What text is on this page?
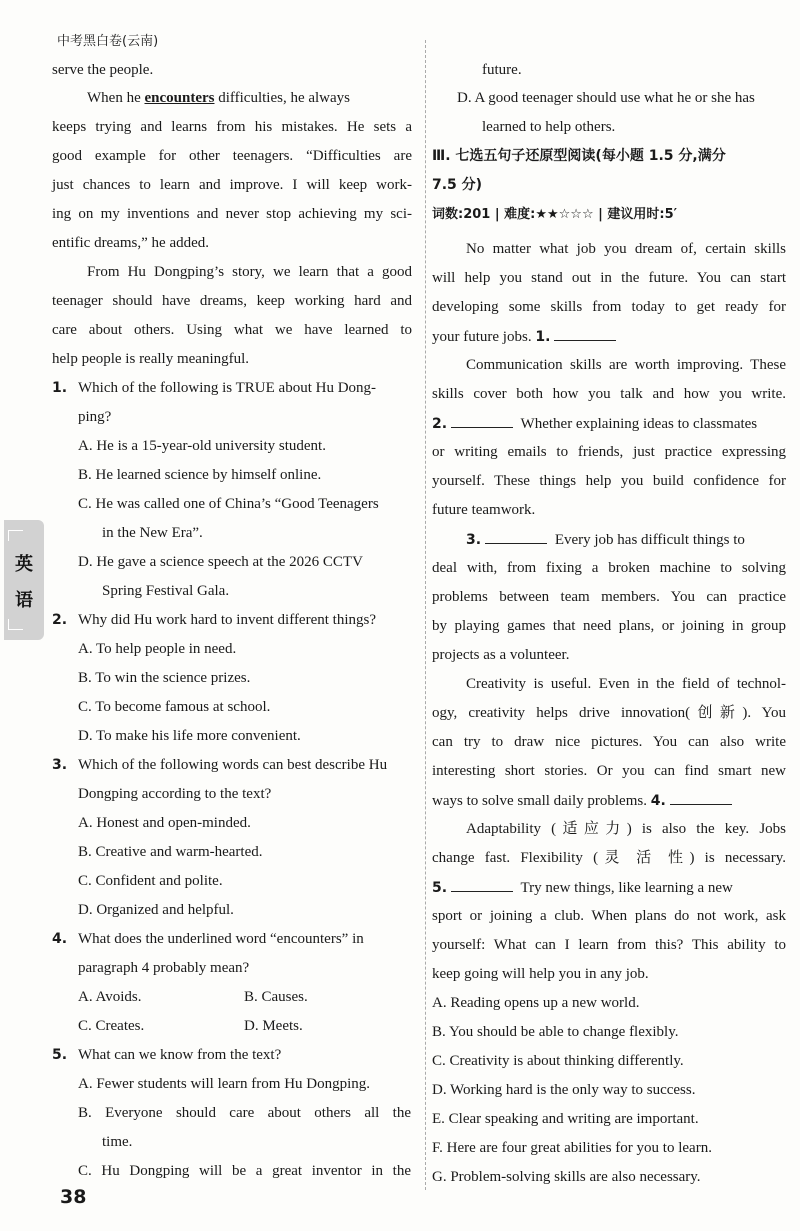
中考黑白卷(云南)
英
语
serve the people.
When he encounters difficulties, he always
keeps trying and learns from his mistakes. He sets a
good example for other teenagers. “Difficulties are
just chances to learn and improve. I will keep work-
ing on my inventions and never stop achieving my sci-
entific dreams,” he added.
From Hu Dongping’s story, we learn that a good
teenager should have dreams, keep working hard and
care about others. Using what we have learned to
help people is really meaningful.
1. Which of the following is TRUE about Hu Dong-
ping?
A. He is a 15-year-old university student.
B. He learned science by himself online.
C. He was called one of China’s “Good Teenagers
in the New Era”.
D. He gave a science speech at the 2026 CCTV
Spring Festival Gala.
2. Why did Hu work hard to invent different things?
A. To help people in need.
B. To win the science prizes.
C. To become famous at school.
D. To make his life more convenient.
3. Which of the following words can best describe Hu
Dongping according to the text?
A. Honest and open-minded.
B. Creative and warm-hearted.
C. Confident and polite.
D. Organized and helpful.
4. What does the underlined word “encounters” in
paragraph 4 probably mean?
A. Avoids.	B. Causes.
C. Creates.	D. Meets.
5. What can we know from the text?
A. Fewer students will learn from Hu Dongping.
B. Everyone should care about others all the
time.
C. Hu Dongping will be a great inventor in the
38
future.
D. A good teenager should use what he or she has
learned to help others.
Ⅲ. 七选五句子还原型阅读(每小题 1.5 分,满分
7.5 分)
词数:201 | 难度:★★☆☆☆ | 建议用时:5′
No matter what job you dream of, certain skills
will help you stand out in the future. You can start
developing some skills from today to get ready for
your future jobs. 1.
Communication skills are worth improving. These
skills cover both how you talk and how you write.
2.	Whether explaining ideas to classmates
or writing emails to friends, just practice expressing
yourself. These things help you build confidence for
future teamwork.
3.	Every job has difficult things to
deal with, from fixing a broken machine to solving
problems between team members. You can practice
by playing games that need plans, or joining in group
projects as a volunteer.
Creativity is useful. Even in the field of technol-
ogy, creativity helps drive innovation(创新). You
can try to draw nice pictures. You can also write
interesting short stories. Or you can find smart new
ways to solve small daily problems. 4.
Adaptability (适应力) is also the key. Jobs
change fast. Flexibility (灵 活 性) is necessary.
5.	Try new things, like learning a new
sport or joining a club. When plans do not work, ask
yourself: What can I learn from this? This ability to
keep going will help you in any job.
A. Reading opens up a new world.
B. You should be able to change flexibly.
C. Creativity is about thinking differently.
D. Working hard is the only way to success.
E. Clear speaking and writing are important.
F. Here are four great abilities for you to learn.
G. Problem-solving skills are also necessary.
